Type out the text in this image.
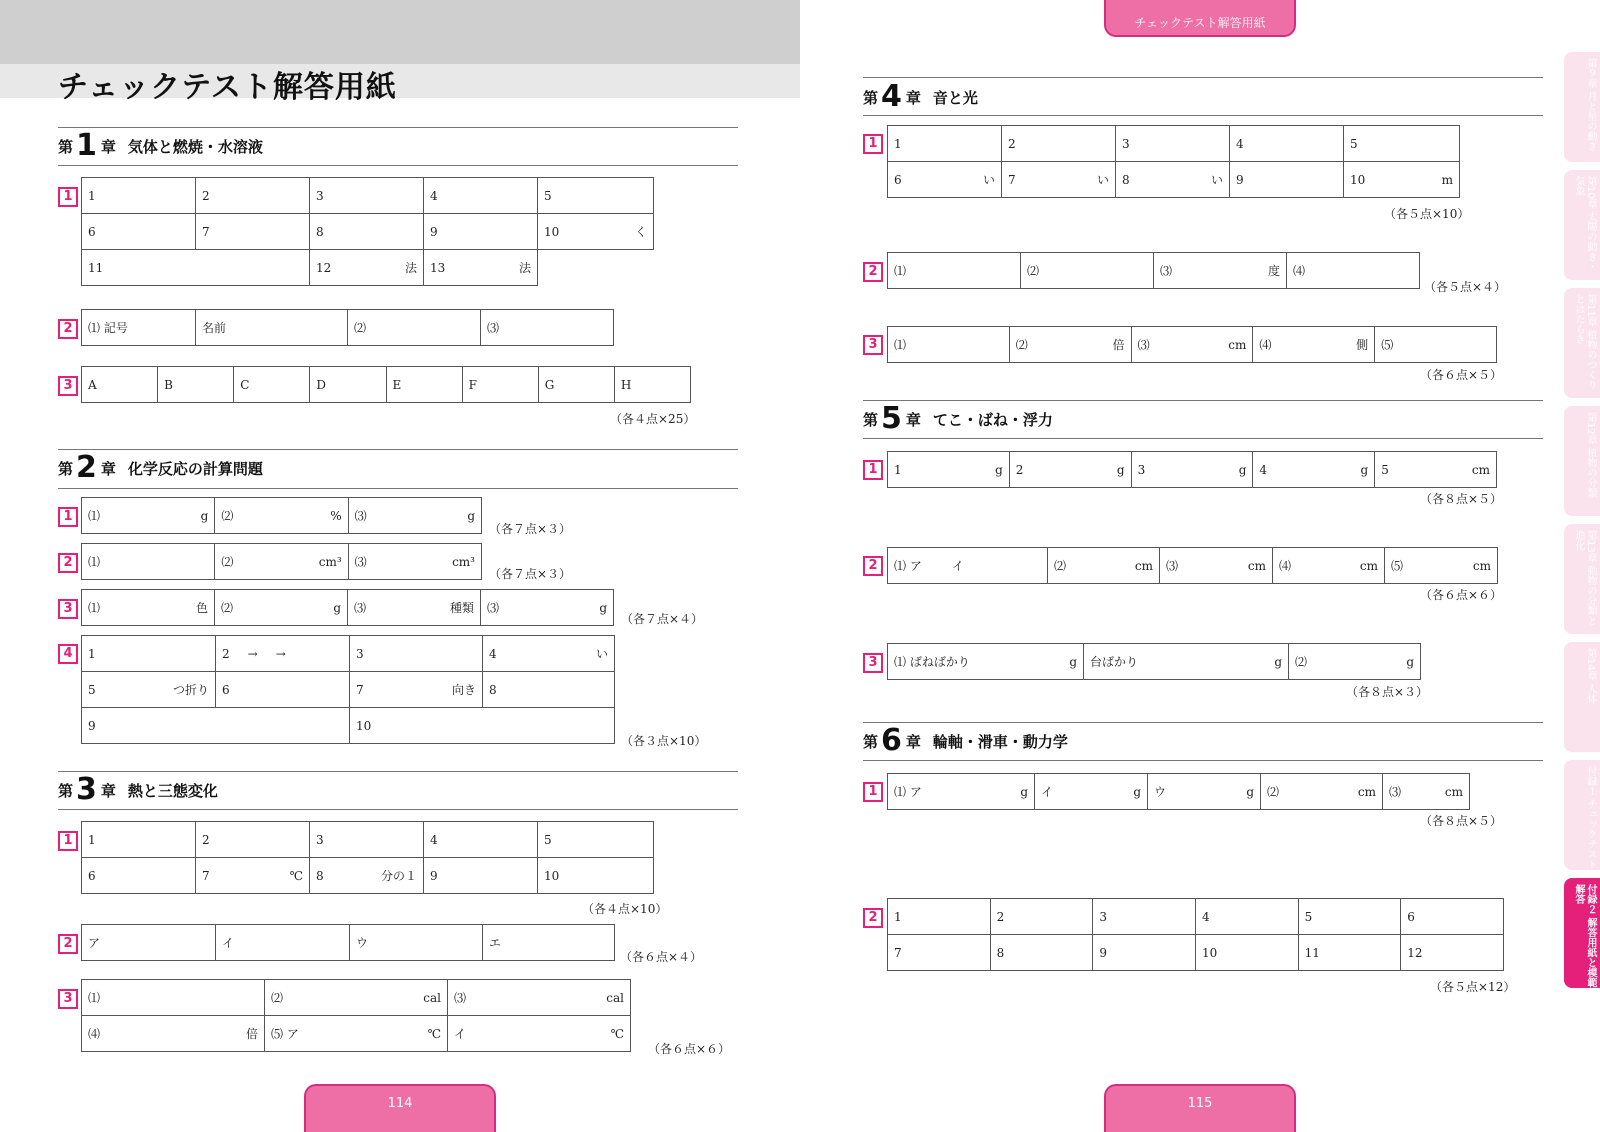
チェックテスト解答用紙
チェックテスト解答用紙
第 1 章 気体と燃焼・水溶液
1	1	2	3	4	5
6	7	8	9	10 く

11		12 法	13 法	

2	⑴ 記号	名前	⑵	⑶
3	A	B	C	D	E	F	G	H
（各４点×25）
第 2 章 化学反応の計算問題
1	⑴	g	⑵	%	⑶	g
（各７点×３）
2	⑴	⑵	cm³	⑶	cm³
（各７点×３）
3	⑴	色	⑵	g	⑶	種類	⑶	g
（各７点×４）
4	1	2 → →	3	4 い

5 つ折り	6	7 向き	8
9		10	
（各３点×10）
第 3 章 熱と三態変化
1	1	2	3	4	5
6	7 ℃	8 分の１	9	10
（各４点×10）
2	ア	イ	ウ	エ
（各６点×４）
3	⑴	⑵ cal	⑶ cal

⑷ 倍	⑸ ア ℃	イ ℃
（各６点×６）
114
第 4 章 音と光
1	1	2	3	4	5

6 い	7 い	8 い	9	10 m
（各５点×10）
2	⑴	⑵	⑶	度	⑷
（各５点×４）
3	⑴	⑵	倍	⑶	cm	⑷	側	⑸
（各６点×５）
第 5 章 てこ・ばね・浮力
1	1	g	2	g	3	g	4	g	5	cm
（各８点×５）
2	⑴ ア	イ	⑵	cm	⑶	cm	⑷	cm	⑸	cm
（各６点×６）
3	⑴ ばねばかり	g	台ばかり	g	⑵	g
（各８点×３）
第 6 章 輪軸・滑車・動力学
1	⑴ ア	g	イ	g	ウ	g	⑵	cm	⑶	cm
（各８点×５）
2	1	2	3	4	5	6
7	8	9	10	11	12
（各５点×12）
115
第９章 月と星の動き
第10章 太陽の動き・気象
第11章 植物のつくりとはたらき
第12章 植物の分類
第13章 動物の分類と進化
第14章 人体
付録１ チェックテスト
付録２ 解答用紙と模範解答
